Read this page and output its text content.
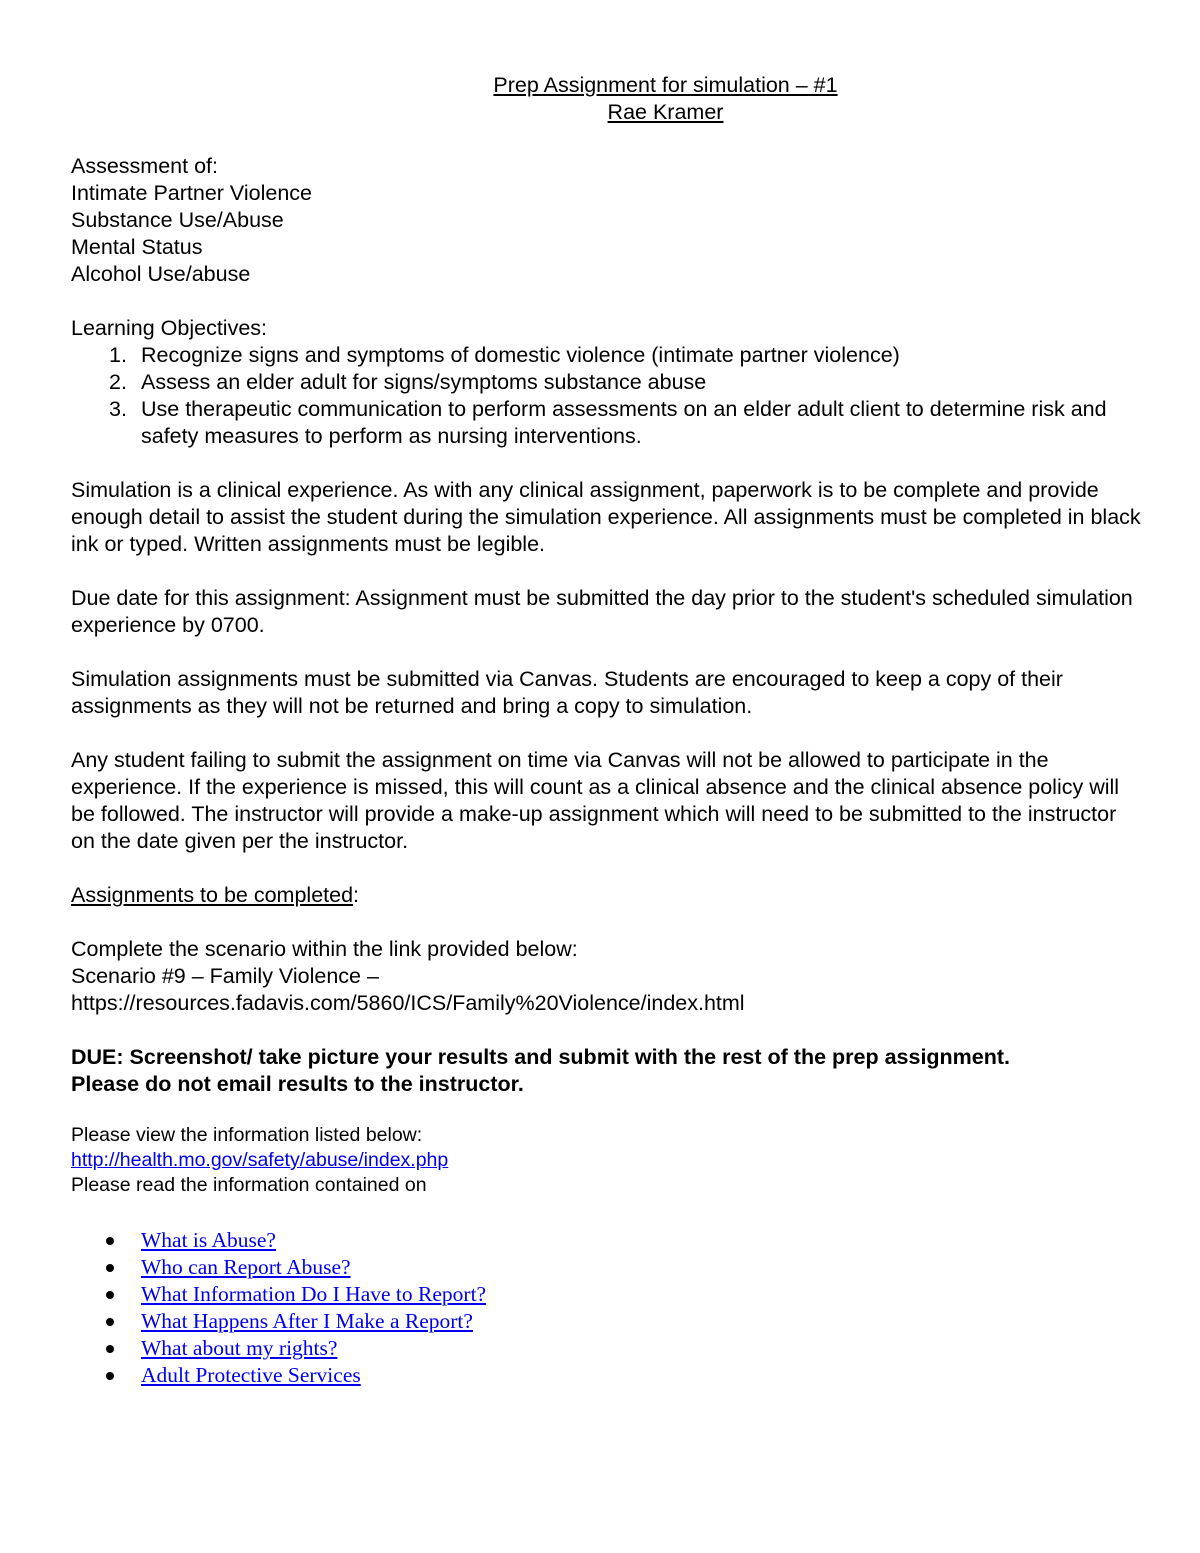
Prep Assignment for simulation – #1
Rae Kramer
Assessment of:
Intimate Partner Violence
Substance Use/Abuse
Mental Status
Alcohol Use/abuse
Learning Objectives:
1. Recognize signs and symptoms of domestic violence (intimate partner violence)
2. Assess an elder adult for signs/symptoms substance abuse
3. Use therapeutic communication to perform assessments on an elder adult client to determine risk and safety measures to perform as nursing interventions.

Simulation is a clinical experience. As with any clinical assignment, paperwork is to be complete and provide enough detail to assist the student during the simulation experience. All assignments must be completed in black ink or typed. Written assignments must be legible.

Due date for this assignment: Assignment must be submitted the day prior to the student's scheduled simulation experience by 0700.

Simulation assignments must be submitted via Canvas. Students are encouraged to keep a copy of their assignments as they will not be returned and bring a copy to simulation.

Any student failing to submit the assignment on time via Canvas will not be allowed to participate in the experience. If the experience is missed, this will count as a clinical absence and the clinical absence policy will be followed. The instructor will provide a make-up assignment which will need to be submitted to the instructor on the date given per the instructor.

Assignments to be completed:
Complete the scenario within the link provided below:
Scenario #9 – Family Violence –
https://resources.fadavis.com/5860/ICS/Family%20Violence/index.html
DUE: Screenshot/ take picture your results and submit with the rest of the prep assignment.
Please do not email results to the instructor.
Please view the information listed below:
http://health.mo.gov/safety/abuse/index.php
Please read the information contained on
What is Abuse?
Who can Report Abuse?
What Information Do I Have to Report?
What Happens After I Make a Report?
What about my rights?
Adult Protective Services
